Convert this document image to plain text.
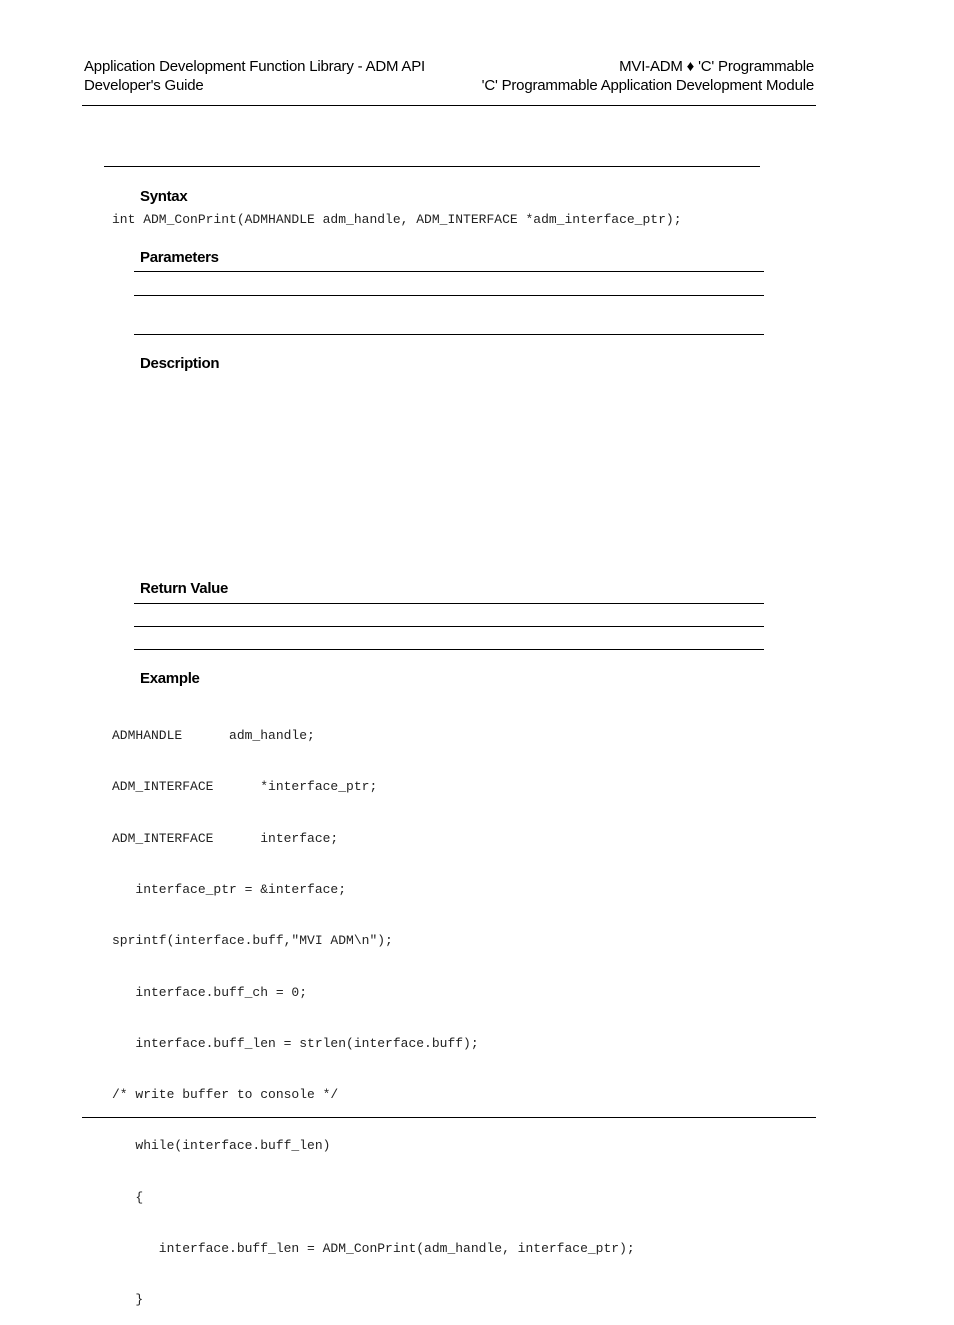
Application Development Function Library - ADM API
Developer's Guide
MVI-ADM ♦ 'C' Programmable
'C' Programmable Application Development Module
Syntax
int ADM_ConPrint(ADMHANDLE adm_handle, ADM_INTERFACE *adm_interface_ptr);
Parameters
Description
Return Value
Example

ADMHANDLE      adm_handle;

ADM_INTERFACE      *interface_ptr;

ADM_INTERFACE      interface;

interface_ptr = &interface;

sprintf(interface.buff,"MVI ADM\n");

interface.buff_ch = 0;

interface.buff_len = strlen(interface.buff);

/* write buffer to console */

while(interface.buff_len)

{

interface.buff_len = ADM_ConPrint(adm_handle, interface_ptr);

}
